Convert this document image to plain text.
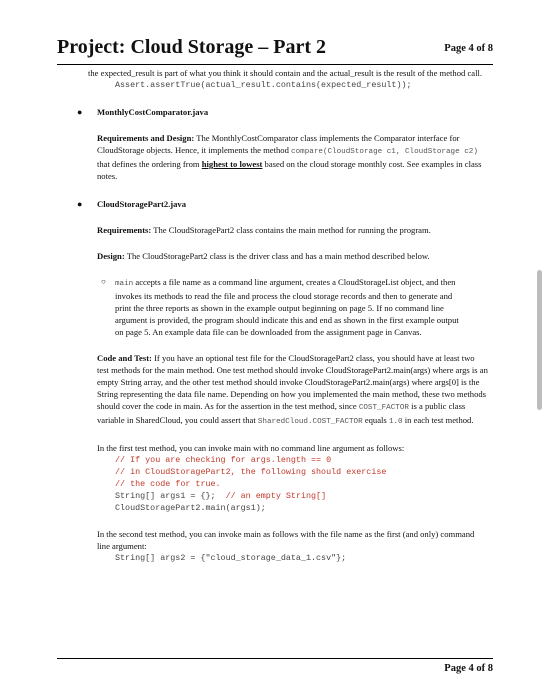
Project: Cloud Storage – Part 2	Page 4 of 8

the expected_result is part of what you think it should contain and the actual_result is the result of the method call.

Assert.assertTrue(actual_result.contains(expected_result));
● MonthlyCostComparator.java

Requirements and Design: The MonthlyCostComparator class implements the Comparator interface for CloudStorage objects. Hence, it implements the method compare(CloudStorage c1, CloudStorage c2) that defines the ordering from highest to lowest based on the cloud storage monthly cost. See examples in class notes.

● CloudStoragePart2.java

Requirements: The CloudStoragePart2 class contains the main method for running the program.

Design: The CloudStoragePart2 class is the driver class and has a main method described below.

○ main accepts a file name as a command line argument, creates a CloudStorageList object, and then invokes its methods to read the file and process the cloud storage records and then to generate and print the three reports as shown in the example output beginning on page 5. If no command line argument is provided, the program should indicate this and end as shown in the first example output on page 5. An example data file can be downloaded from the assignment page in Canvas.

Code and Test: If you have an optional test file for the CloudStoragePart2 class, you should have at least two test methods for the main method. One test method should invoke CloudStoragePart2.main(args) where args is an empty String array, and the other test method should invoke CloudStoragePart2.main(args) where args[0] is the String representing the data file name. Depending on how you implemented the main method, these two methods should cover the code in main. As for the assertion in the test method, since COST_FACTOR is a public class variable in SharedCloud, you could assert that SharedCloud.COST_FACTOR equals 1.0 in each test method.

In the first test method, you can invoke main with no command line argument as follows:

// If you are checking for args.length == 0
// in CloudStoragePart2, the following should exercise
// the code for true.
String[] args1 = {};  // an empty String[]
CloudStoragePart2.main(args1);

In the second test method, you can invoke main as follows with the file name as the first (and only) command line argument:

String[] args2 = {"cloud_storage_data_1.csv"};
Page 4 of 8
